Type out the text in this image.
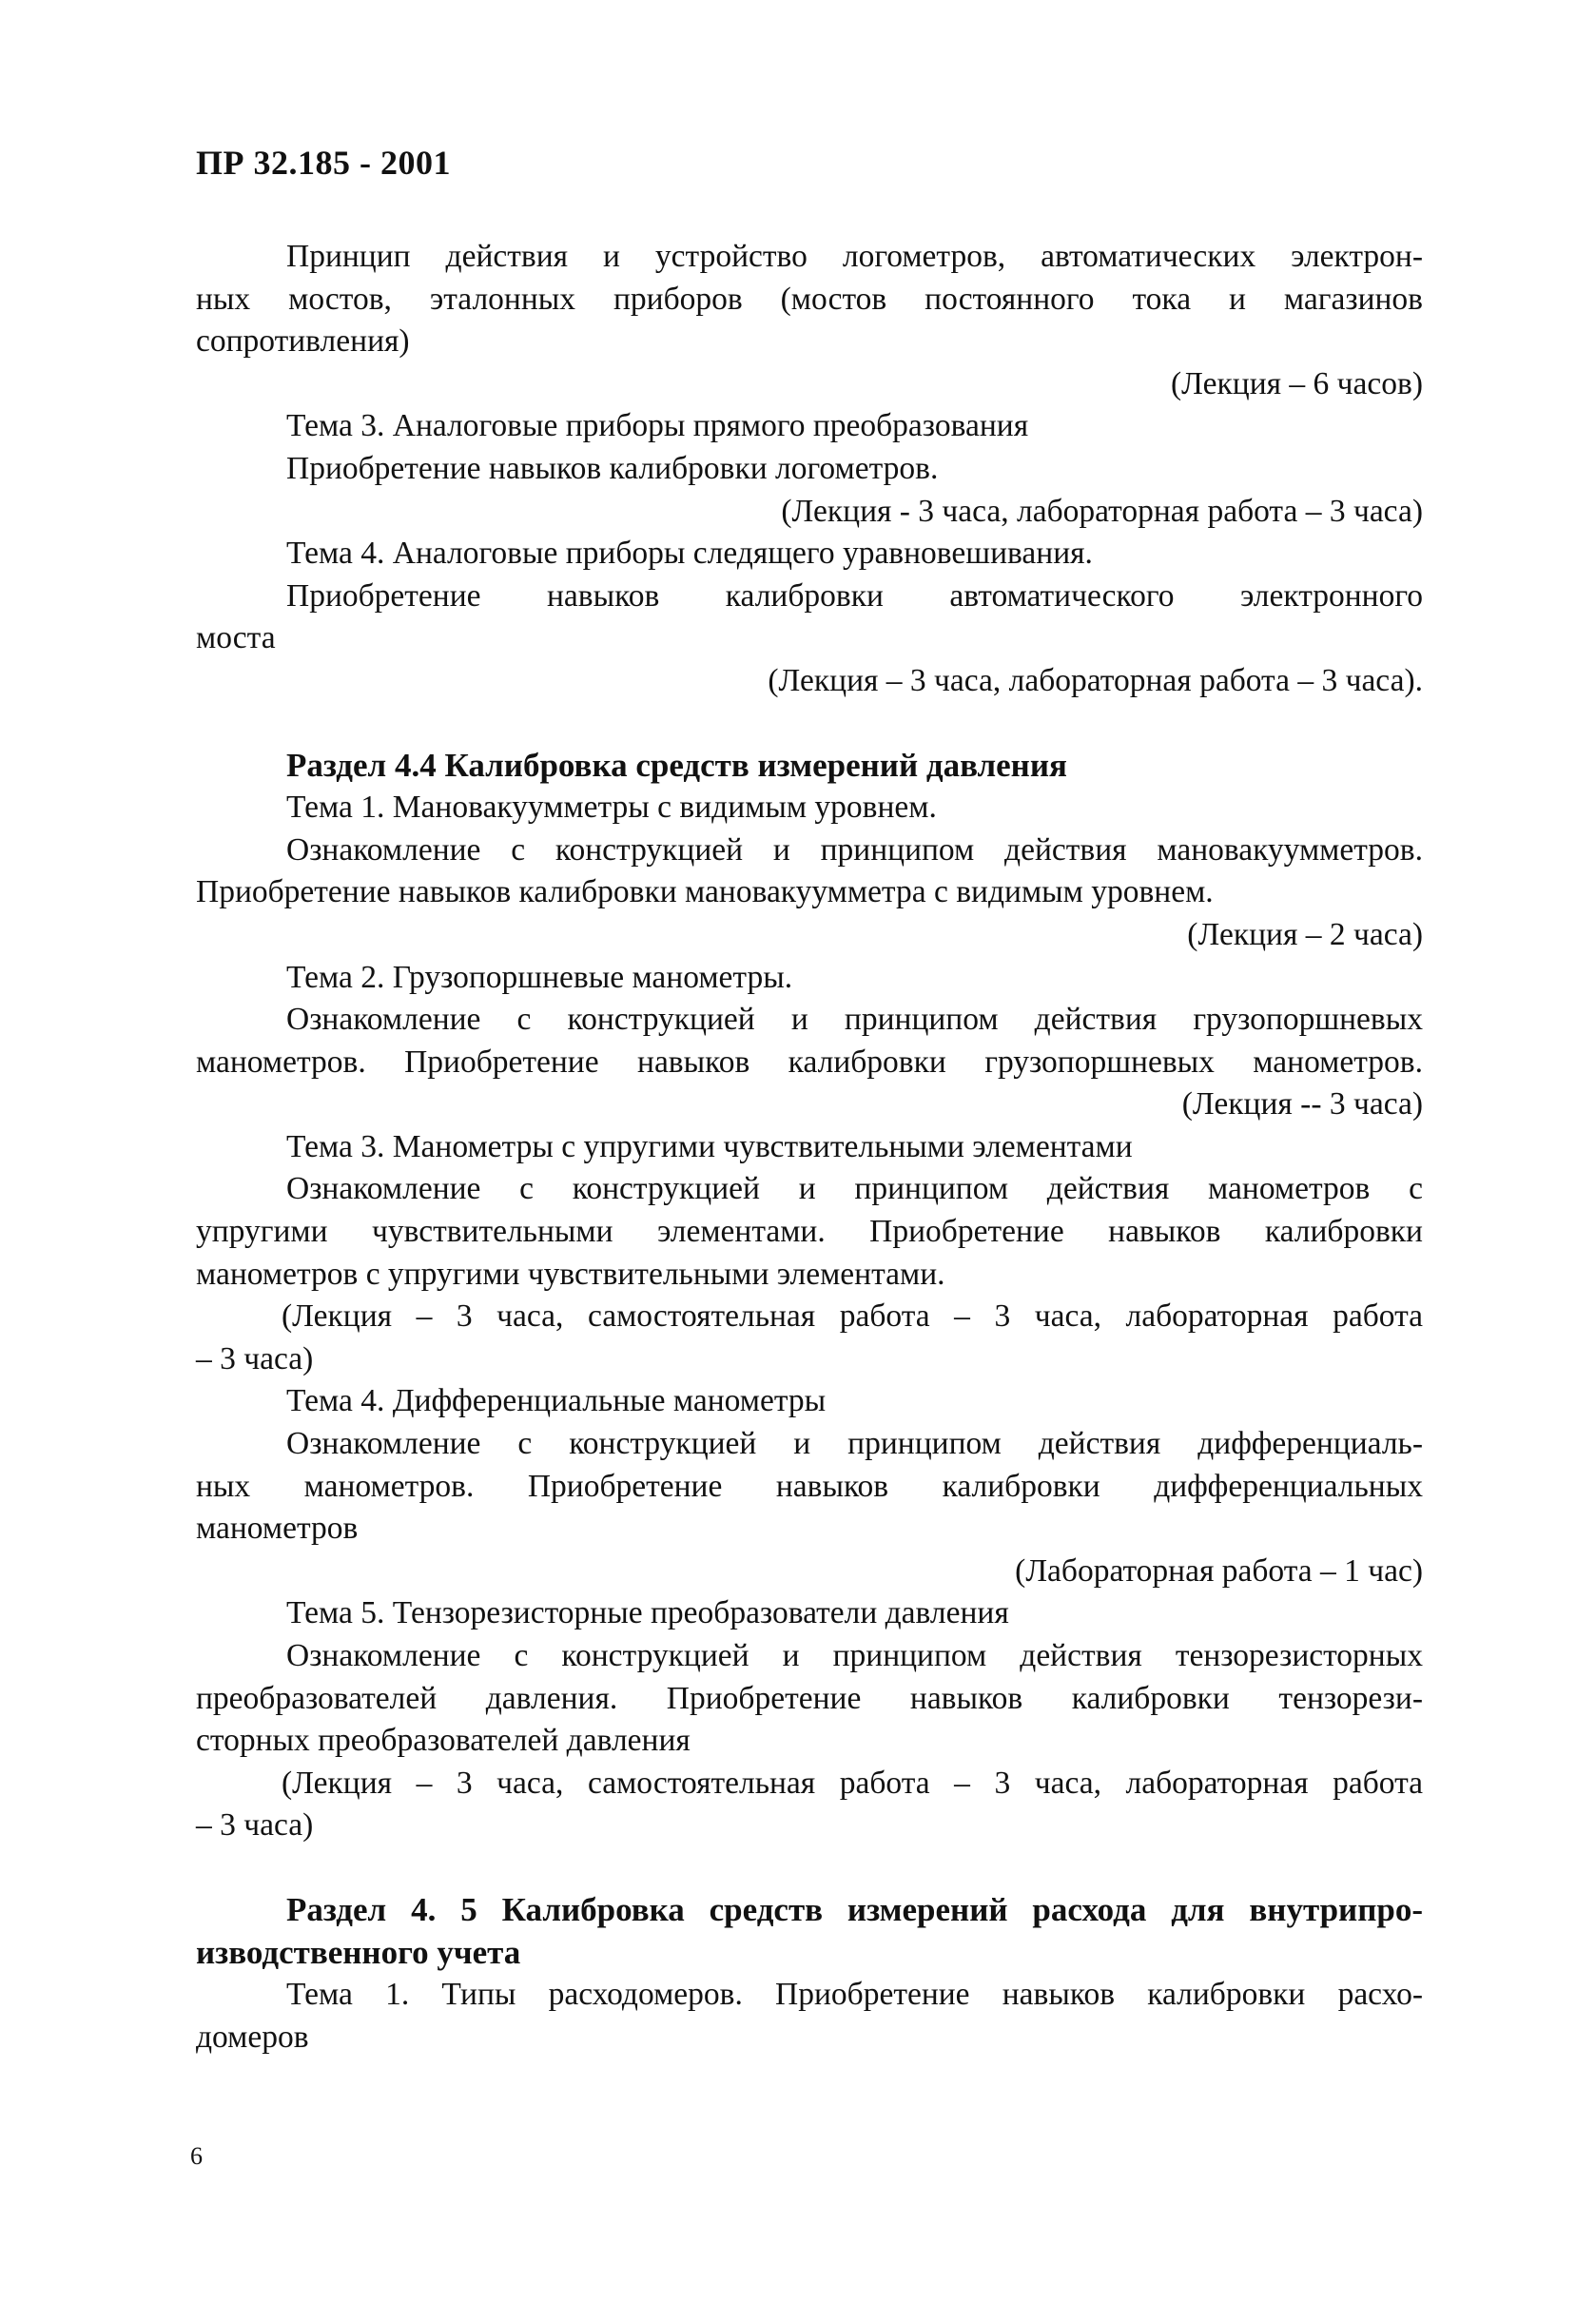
ПР 32.185 - 2001
Принцип действия и устройство логометров, автоматических электрон-
ных мостов, эталонных приборов (мостов постоянного тока и магазинов
сопротивления)
(Лекция – 6 часов)
Тема 3. Аналоговые приборы прямого преобразования
Приобретение навыков калибровки логометров.
(Лекция - 3 часа, лабораторная работа – 3 часа)
Тема 4. Аналоговые приборы следящего уравновешивания.
Приобретение навыков калибровки автоматического электронного
моста
(Лекция – 3 часа, лабораторная работа – 3 часа).
Раздел 4.4 Калибровка средств измерений давления
Тема 1. Мановакуумметры с видимым уровнем.
Ознакомление с конструкцией и принципом действия мановакуумметров.
Приобретение навыков калибровки мановакуумметра с видимым уровнем.
(Лекция – 2 часа)
Тема 2. Грузопоршневые манометры.
Ознакомление с конструкцией и принципом действия грузопоршневых
манометров. Приобретение навыков калибровки грузопоршневых манометров.
(Лекция -- 3 часа)
Тема 3. Манометры с упругими чувствительными элементами
Ознакомление с конструкцией и принципом действия манометров с
упругими чувствительными элементами. Приобретение навыков калибровки
манометров с упругими чувствительными элементами.
(Лекция – 3 часа, самостоятельная работа – 3 часа, лабораторная работа
– 3 часа)
Тема 4. Дифференциальные манометры
Ознакомление с конструкцией и принципом действия дифференциаль-
ных манометров. Приобретение навыков калибровки дифференциальных
манометров
(Лабораторная работа – 1 час)
Тема 5. Тензорезисторные преобразователи давления
Ознакомление с конструкцией и принципом действия тензорезисторных
преобразователей давления. Приобретение навыков калибровки тензорези-
сторных преобразователей давления
(Лекция – 3 часа, самостоятельная работа – 3 часа, лабораторная работа
– 3 часа)
Раздел 4. 5 Калибровка средств измерений расхода для внутрипро-
изводственного учета
Тема 1. Типы расходомеров. Приобретение навыков калибровки расхо-
домеров
6
